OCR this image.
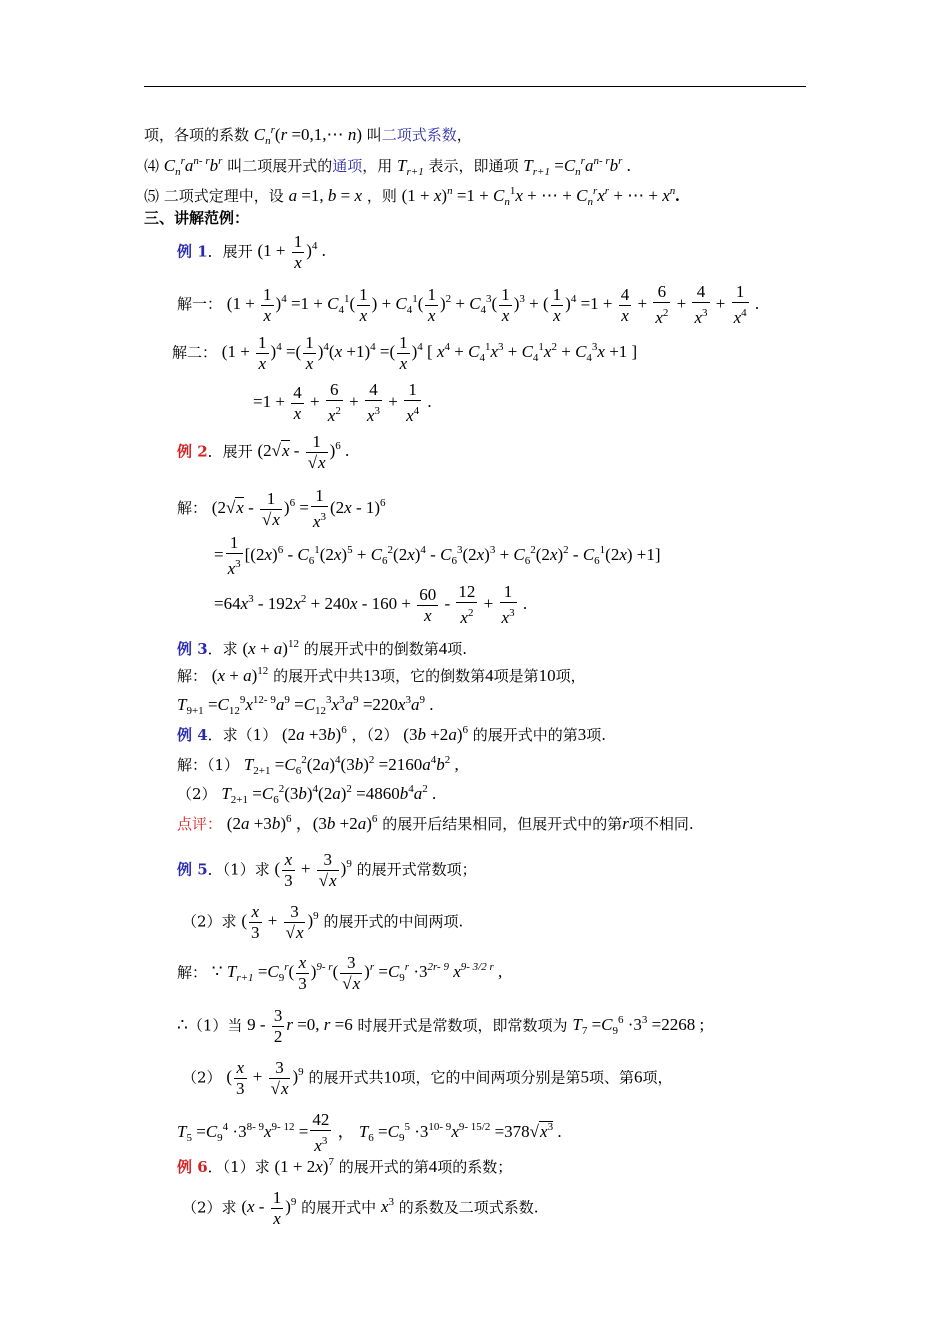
项，各项的系数 $C_n^r(r$ =0,1,⋯ n) 叫二项式系数，
⑷ $C_n^ra^{n- r}b^r$ 叫二项展开式的通项，用 $T_{r+1}$ 表示，即通项 $T_{r+1} =C_n^ra^{n- r}b^r$ .
⑸ 二项式定理中，设 a =1, b = x ，则 $(1 + x)^n =1 + C_n^1x$ + ⋯ + $C_n^rx^r$ + ⋯ + $x^n$.
三、讲解范例：
例 1．展开 $(1 + \frac{1}{x} )^4$ .
解一： $(1 + \frac{1}{x} )^4 =1 + C_4^1( \frac{1}{x}$ ) + $C_4^1( \frac{1}{x} )^2 + C_4^3( \frac{1}{x} )^3$ + ( $\frac{1}{x} )^4 =1 + \frac{4}{x} + \frac{6}{x^2} + \frac{4}{x^3} + \frac{1}{x^4}$ .
解二： $(1 + \frac{1}{x} )^4$ =( $\frac{1}{x} )^4(x +1)^4$ =( $\frac{1}{x} )^4$ [ $x^4 + C_4^1x^3 + C_4^1x^2 + C_4^3x +1$ ]
$=1 + \frac{4}{x} + \frac{6}{x^2} + \frac{4}{x^3} + \frac{1}{x^4}$ .
例 2．展开 $(2√x - \frac{1}{√x} )^6$ .
解： $(2√x - \frac{1}{√x} )^6 = \frac{1}{x^3} (2x - 1)^6$
= $\frac{1}{x^3} [(2x)^6 - C_6^1(2x)^5 + C_6^2(2x)^4 - C_6^3(2x)^3 + C_6^2(2x)^2 - C_6^1(2x) +1]$
$=64x^3 - 192x^2 + 240x - 160 + \frac{60}{x} - \frac{12}{x^2} + \frac{1}{x^3}$ .
例 3．求 $(x + a)^{12}$ 的展开式中的倒数第4项.
解： $(x + a)^{12}$ 的展开式中共13项，它的倒数第4项是第10项，
$T_{9+1} =C_{12}^9x^{12- 9}a^9 =C_{12}^3x^3a^9 =220x^3a^9$ .
例 4．求（1） $(2a +3b)^6$ ，（2） $(3b +2a)^6$ 的展开式中的第3项.
解：（1） $T_{2+1} =C_6^2(2a)^4(3b)^2 =2160a^4b^2$ ,
（2） $T_{2+1} =C_6^2(3b)^4(2a)^2 =4860b^4a^2$ .
点评： $(2a +3b)^6$ ，$(3b +2a)^6$ 的展开后结果相同，但展开式中的第r项不相同.
例 5．（1）求 ( $\frac{x}{3} + \frac{3}{√x} )^9$ 的展开式常数项；
（2）求 ( $\frac{x}{3} + \frac{3}{√x} )^9$ 的展开式的中间两项.
解： ∵ $T_{r+1} =C_9^r( \frac{x}{3} )^{9- r}( \frac{3}{√x} )^r =C_9^r \cdot 3^{2r- 9}$ $x^{9- 3/2 r}$ ,
∴（1）当 $9 - \frac{3}{2}$ r =0, r =6 时展开式是常数项，即常数项为 $T_7 =C_9^6 \cdot 3^3 =2268$ ;
（2） ( $\frac{x}{3} + \frac{3}{√x} )^9$ 的展开式共10项，它的中间两项分别是第5项、第6项，
$T_5 =C_9^4 \cdot 3^{8- 9}x^{9- 12} = \frac{42}{x^3}$ ， $T_6 =C_9^5 \cdot 3^{10- 9}x^{9- 15/2} =378√x^3$ .
例 6．（1）求 $(1 + 2x)^7$ 的展开式的第4项的系数；
（2）求 $(x - \frac{1}{x} )^9$ 的展开式中 $x^3$ 的系数及二项式系数.
